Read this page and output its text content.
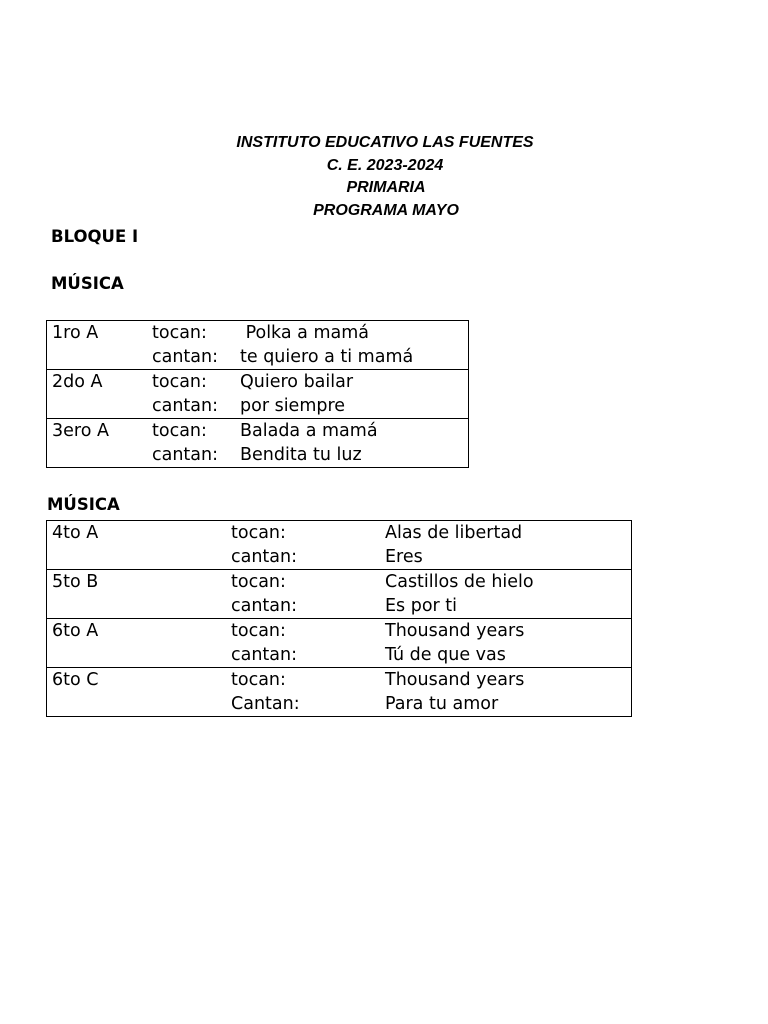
INSTITUTO EDUCATIVO LAS FUENTES
C. E. 2023-2024
PRIMARIA
PROGRAMA MAYO
BLOQUE I
MÚSICA
1ro A	tocan:	Polka a mamá
	cantan:	te quiero a ti mamá
2do A	tocan:	Quiero bailar
	cantan:	por siempre
3ero A	tocan:	Balada a mamá
	cantan:	Bendita tu luz
MÚSICA
4to A	tocan:	Alas de libertad
	cantan:	Eres
5to B	tocan:	Castillos de hielo
	cantan:	Es por ti
6to A	tocan:	Thousand years
	cantan:	Tú de que vas
6to C	tocan:	Thousand years
	Cantan:	Para tu amor
